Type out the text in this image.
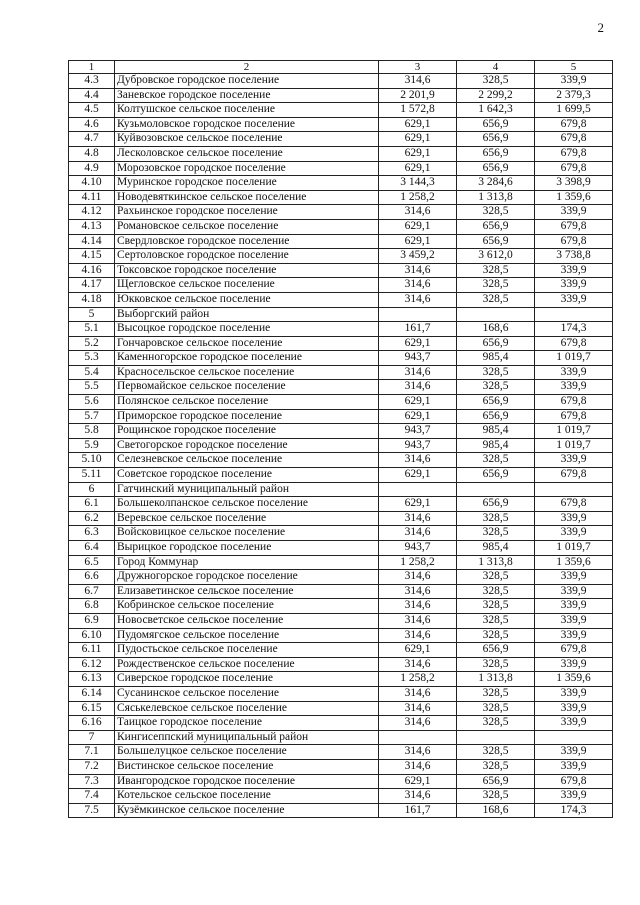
2
1	2	3	4	5
4.3	Дубровское городское поселение	314,6	328,5	339,9
4.4	Заневское городское поселение	2 201,9	2 299,2	2 379,3
4.5	Колтушское сельское поселение	1 572,8	1 642,3	1 699,5
4.6	Кузьмоловское городское поселение	629,1	656,9	679,8
4.7	Куйвозовское сельское поселение	629,1	656,9	679,8
4.8	Лесколовское сельское поселение	629,1	656,9	679,8
4.9	Морозовское городское поселение	629,1	656,9	679,8
4.10	Муринское городское поселение	3 144,3	3 284,6	3 398,9
4.11	Новодевяткинское сельское поселение	1 258,2	1 313,8	1 359,6
4.12	Рахьинское городское поселение	314,6	328,5	339,9
4.13	Романовское сельское поселение	629,1	656,9	679,8
4.14	Свердловское городское поселение	629,1	656,9	679,8
4.15	Сертоловское городское поселение	3 459,2	3 612,0	3 738,8
4.16	Токсовское городское поселение	314,6	328,5	339,9
4.17	Щегловское сельское поселение	314,6	328,5	339,9
4.18	Юкковское сельское поселение	314,6	328,5	339,9
5	Выборгский район			
5.1	Высоцкое городское поселение	161,7	168,6	174,3
5.2	Гончаровское сельское поселение	629,1	656,9	679,8
5.3	Каменногорское городское поселение	943,7	985,4	1 019,7
5.4	Красносельское сельское поселение	314,6	328,5	339,9
5.5	Первомайское сельское поселение	314,6	328,5	339,9
5.6	Полянское сельское поселение	629,1	656,9	679,8
5.7	Приморское городское поселение	629,1	656,9	679,8
5.8	Рощинское городское поселение	943,7	985,4	1 019,7
5.9	Светогорское городское поселение	943,7	985,4	1 019,7
5.10	Селезневское сельское поселение	314,6	328,5	339,9
5.11	Советское городское поселение	629,1	656,9	679,8
6	Гатчинский муниципальный район			
6.1	Большеколпанское сельское поселение	629,1	656,9	679,8
6.2	Веревское сельское поселение	314,6	328,5	339,9
6.3	Войсковицкое сельское поселение	314,6	328,5	339,9
6.4	Вырицкое городское поселение	943,7	985,4	1 019,7
6.5	Город Коммунар	1 258,2	1 313,8	1 359,6
6.6	Дружногорское городское поселение	314,6	328,5	339,9
6.7	Елизаветинское сельское поселение	314,6	328,5	339,9
6.8	Кобринское сельское поселение	314,6	328,5	339,9
6.9	Новосветское сельское поселение	314,6	328,5	339,9
6.10	Пудомягское сельское поселение	314,6	328,5	339,9
6.11	Пудостьское сельское поселение	629,1	656,9	679,8
6.12	Рождественское сельское поселение	314,6	328,5	339,9
6.13	Сиверское городское поселение	1 258,2	1 313,8	1 359,6
6.14	Сусанинское сельское поселение	314,6	328,5	339,9
6.15	Сяськелевское сельское поселение	314,6	328,5	339,9
6.16	Таицкое городское поселение	314,6	328,5	339,9
7	Кингисеппский муниципальный район			
7.1	Большелуцкое сельское поселение	314,6	328,5	339,9
7.2	Вистинское сельское поселение	314,6	328,5	339,9
7.3	Ивангородское городское поселение	629,1	656,9	679,8
7.4	Котельское сельское поселение	314,6	328,5	339,9
7.5	Кузёмкинское сельское поселение	161,7	168,6	174,3
